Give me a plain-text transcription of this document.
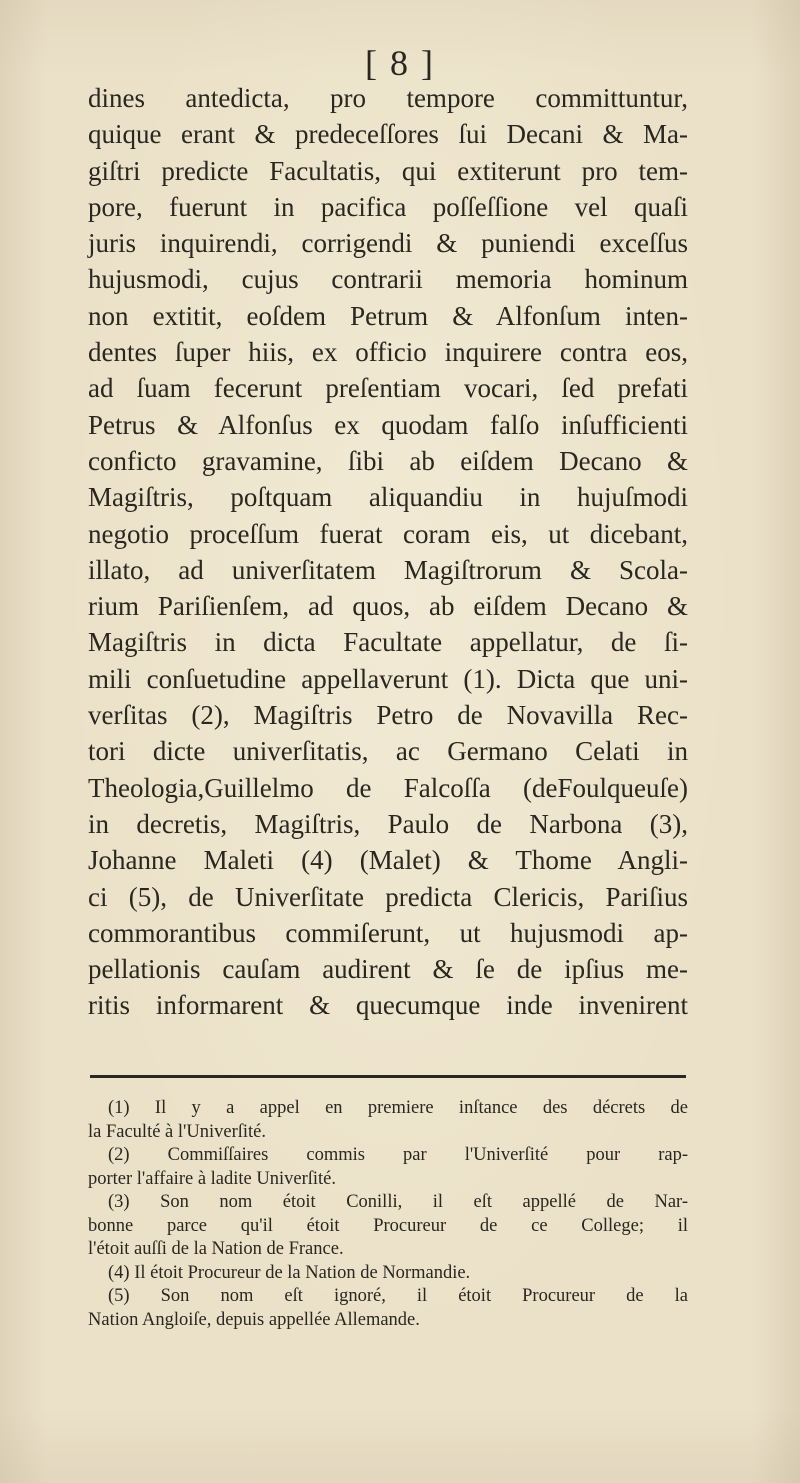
[ 8 ]
dines antedicta, pro tempore committuntur,
quique erant & predeceſſores ſui Decani & Ma-
giſtri predicte Facultatis, qui extiterunt pro tem-
pore, fuerunt in pacifica poſſeſſione vel quaſi
juris inquirendi, corrigendi & puniendi exceſſus
hujusmodi, cujus contrarii memoria hominum
non extitit, eoſdem Petrum & Alfonſum inten-
dentes ſuper hiis, ex officio inquirere contra eos,
ad ſuam fecerunt preſentiam vocari, ſed prefati
Petrus & Alfonſus ex quodam falſo inſufficienti
conficto gravamine, ſibi ab eiſdem Decano &
Magiſtris, poſtquam aliquandiu in hujuſmodi
negotio proceſſum fuerat coram eis, ut dicebant,
illato, ad univerſitatem Magiſtrorum & Scola-
rium Pariſienſem, ad quos, ab eiſdem Decano &
Magiſtris in dicta Facultate appellatur, de ſi-
mili conſuetudine appellaverunt (1). Dicta que uni-
verſitas (2), Magiſtris Petro de Novavilla Rec-
tori dicte univerſitatis, ac Germano Celati in
Theologia,Guillelmo de Falcoſſa (deFoulqueuſe)
in decretis, Magiſtris, Paulo de Narbona (3),
Johanne Maleti (4) (Malet) & Thome Angli-
ci (5), de Univerſitate predicta Clericis, Pariſius
commorantibus commiſerunt, ut hujusmodi ap-
pellationis cauſam audirent & ſe de ipſius me-
ritis informarent & quecumque inde invenirent
(1) Il y a appel en premiere inſtance des décrets de
la Faculté à l'Univerſité.
(2) Commiſſaires commis par l'Univerſité pour rap-
porter l'affaire à ladite Univerſité.
(3) Son nom étoit Conilli, il eſt appellé de Nar-
bonne parce qu'il étoit Procureur de ce College; il
l'étoit auſſi de la Nation de France.
(4) Il étoit Procureur de la Nation de Normandie.
(5) Son nom eſt ignoré, il étoit Procureur de la
Nation Angloiſe, depuis appellée Allemande.
